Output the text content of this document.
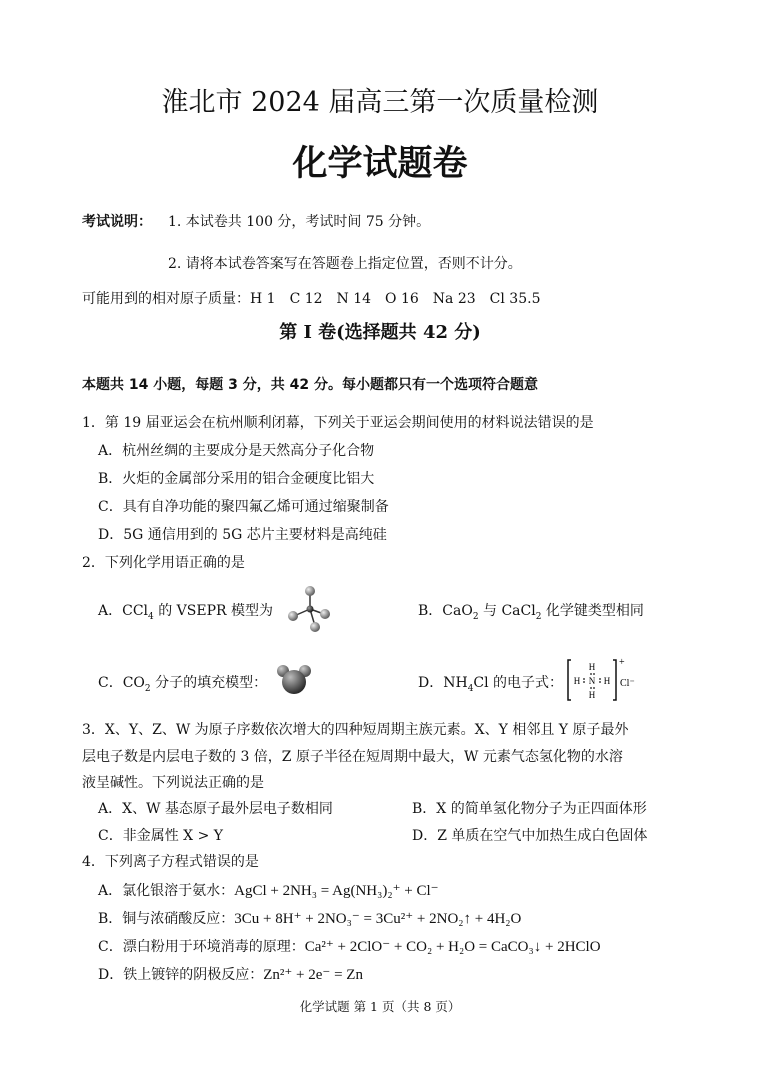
淮北市 2024 届高三第一次质量检测
化学试题卷
考试说明： 1. 本试卷共 100 分，考试时间 75 分钟。
2. 请将本试卷答案写在答题卷上指定位置，否则不计分。
可能用到的相对原子质量：H 1　C 12　N 14　O 16　Na 23　Cl 35.5
第 I 卷(选择题共 42 分)
本题共 14 小题，每题 3 分，共 42 分。每小题都只有一个选项符合题意
1．第 19 届亚运会在杭州顺利闭幕，下列关于亚运会期间使用的材料说法错误的是
A．杭州丝绸的主要成分是天然高分子化合物
B．火炬的金属部分采用的铝合金硬度比铝大
C．具有自净功能的聚四氟乙烯可通过缩聚制备
D．5G 通信用到的 5G 芯片主要材料是高纯硅
2．下列化学用语正确的是
A．CCl$_4$ 的 VSEPR 模型为	B．CaO$_2$ 与 CaCl$_2$ 化学键类型相同
C．$CO_2$ 分子的填充模型：	D．$NH_4Cl$ 的电子式：
H
H N H
H
+
Cl⁻
3．X、Y、Z、W 为原子序数依次增大的四种短周期主族元素。X、Y 相邻且 Y 原子最外
层电子数是内层电子数的 3 倍，Z 原子半径在短周期中最大，W 元素气态氢化物的水溶
液呈碱性。下列说法正确的是
A．X、W 基态原子最外层电子数相同	B．X 的简单氢化物分子为正四面体形
C．非金属性 X > Y	D．Z 单质在空气中加热生成白色固体
4．下列离子方程式错误的是
A．氯化银溶于氨水：AgCl + 2NH₃ = Ag(NH₃)₂⁺ + Cl⁻
B．铜与浓硝酸反应：3Cu + 8H⁺ + 2NO₃⁻ = 3Cu²⁺ + 2NO₂↑ + 4H₂O
C．漂白粉用于环境消毒的原理：Ca²⁺ + 2ClO⁻ + CO₂ + H₂O = CaCO₃↓ + 2HClO
D．铁上镀锌的阴极反应：Zn²⁺ + 2e⁻ = Zn
化学试题 第 1 页（共 8 页）
